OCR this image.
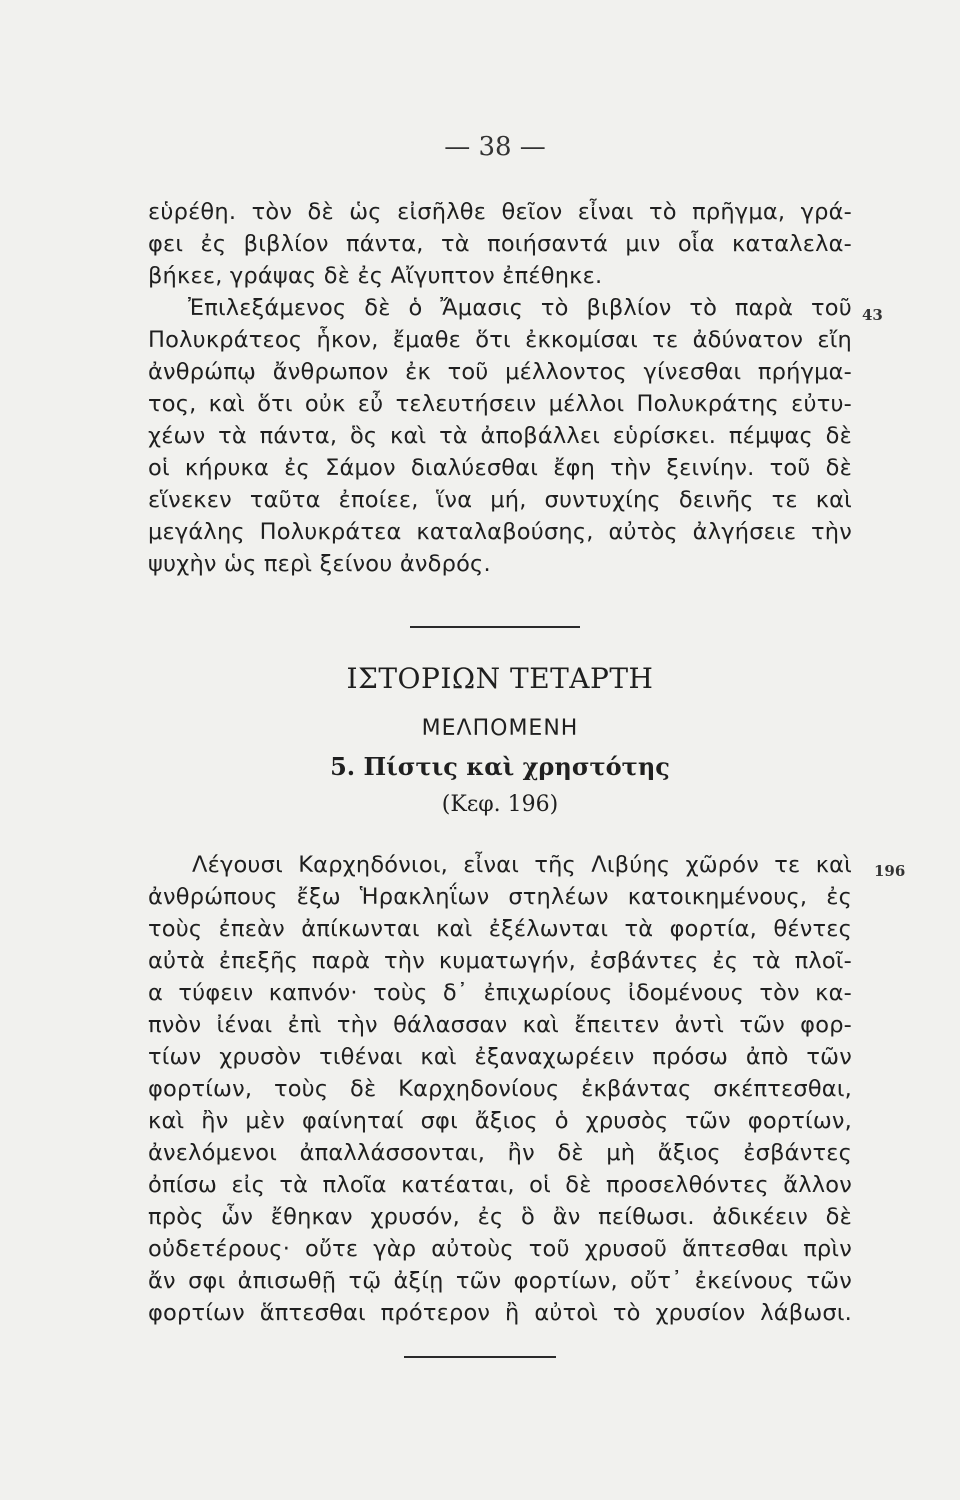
— 38 —
εὑρέθη. τὸν δὲ ὡς εἰσῆλθε θεῖον εἶναι τὸ πρῆγμα, γρά-
φει ἐς βιβλίον πάντα, τὰ ποιήσαντά μιν οἷα καταλελα-
βήκεε, γράψας δὲ ἐς Αἴγυπτον ἐπέθηκε.
Ἐπιλεξάμενος δὲ ὁ Ἄμασις τὸ βιβλίον τὸ παρὰ τοῦ
Πολυκράτεος ἧκον, ἔμαθε ὅτι ἐκκομίσαι τε ἀδύνατον εἴη
ἀνθρώπῳ ἄνθρωπον ἐκ τοῦ μέλλοντος γίνεσθαι πρήγμα-
τος, καὶ ὅτι οὐκ εὖ τελευτήσειν μέλλοι Πολυκράτης εὐτυ-
χέων τὰ πάντα, ὃς καὶ τὰ ἀποβάλλει εὑρίσκει. πέμψας δὲ
οἱ κήρυκα ἐς Σάμον διαλύεσθαι ἔφη τὴν ξεινίην. τοῦ δὲ
εἵνεκεν ταῦτα ἐποίεε, ἵνα μή, συντυχίης δεινῆς τε καὶ
μεγάλης Πολυκράτεα καταλαβούσης, αὐτὸς ἀλγήσειε τὴν
ψυχὴν ὡς περὶ ξείνου ἀνδρός.
43
ΙΣΤΟΡΙΩΝ ΤΕΤΑΡΤΗ
ΜΕΛΠΟΜΕΝΗ
5. Πίστις καὶ χρηστότης
(Κεφ. 196)
Λέγουσι Καρχηδόνιοι, εἶναι τῆς Λιβύης χῶρόν τε καὶ
ἀνθρώπους ἔξω Ἡρακληΐων στηλέων κατοικημένους, ἐς
τοὺς ἐπεὰν ἀπίκωνται καὶ ἐξέλωνται τὰ φορτία, θέντες
αὐτὰ ἐπεξῆς παρὰ τὴν κυματωγήν, ἐσβάντες ἐς τὰ πλοῖ-
α τύφειν καπνόν· τοὺς δ᾽ ἐπιχωρίους ἰδομένους τὸν κα-
πνὸν ἰέναι ἐπὶ τὴν θάλασσαν καὶ ἔπειτεν ἀντὶ τῶν φορ-
τίων χρυσὸν τιθέναι καὶ ἐξαναχωρέειν πρόσω ἀπὸ τῶν
φορτίων, τοὺς δὲ Καρχηδονίους ἐκβάντας σκέπτεσθαι,
καὶ ἢν μὲν φαίνηταί σφι ἄξιος ὁ χρυσὸς τῶν φορτίων,
ἀνελόμενοι ἀπαλλάσσονται, ἢν δὲ μὴ ἄξιος ἐσβάντες
ὀπίσω εἰς τὰ πλοῖα κατέαται, οἱ δὲ προσελθόντες ἄλλον
πρὸς ὧν ἔθηκαν χρυσόν, ἐς ὃ ἂν πείθωσι. ἀδικέειν δὲ
οὐδετέρους· οὔτε γὰρ αὐτοὺς τοῦ χρυσοῦ ἅπτεσθαι πρὶν
ἄν σφι ἀπισωθῇ τῷ ἀξίῃ τῶν φορτίων, οὔτ᾽ ἐκείνους τῶν
φορτίων ἅπτεσθαι πρότερον ἢ αὐτοὶ τὸ χρυσίον λάβωσι.
196
